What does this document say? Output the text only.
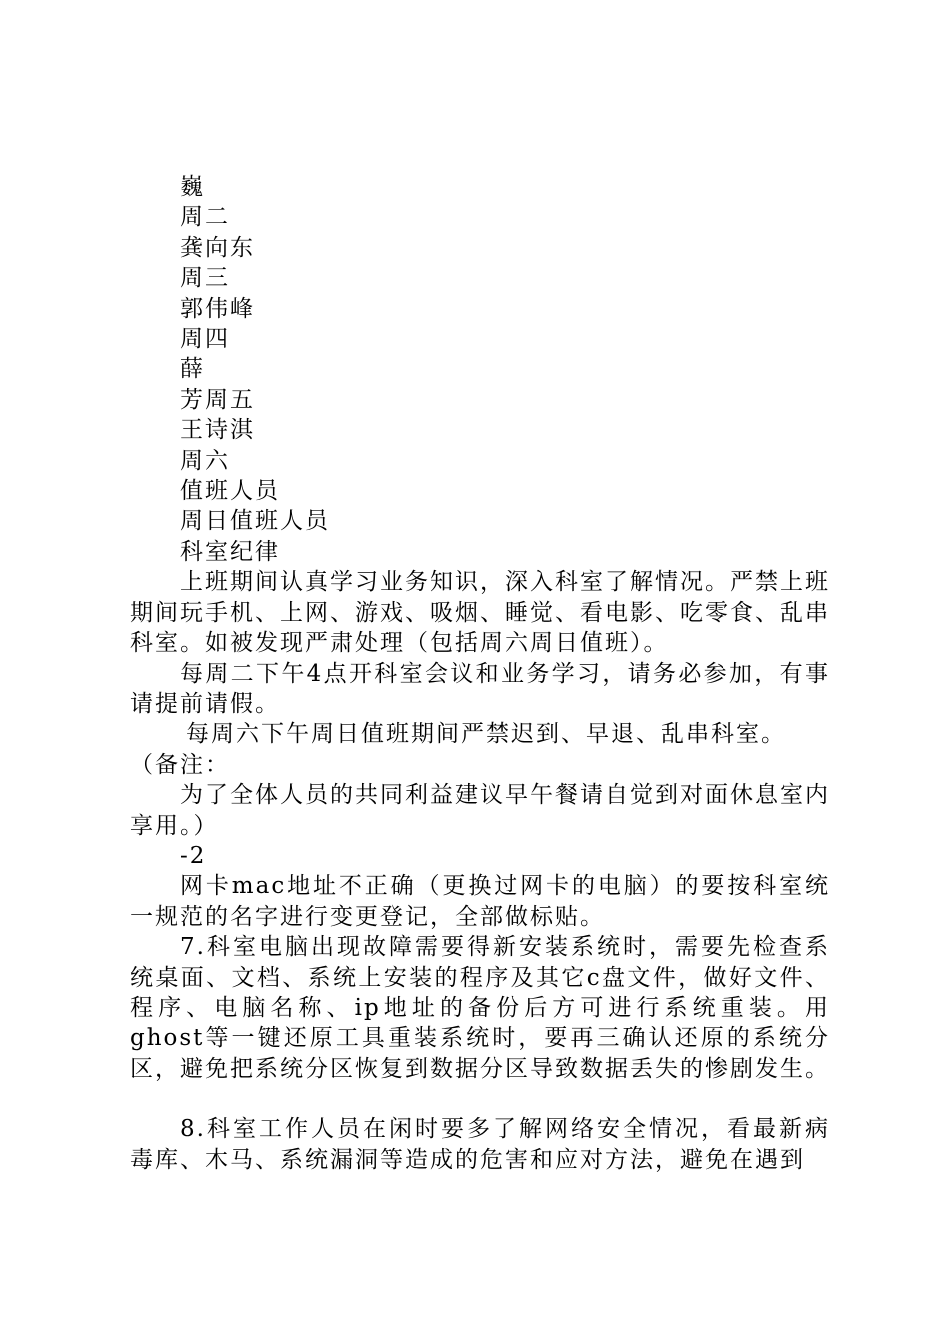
巍
周二
龚向东
周三
郭伟峰
周四
薛
芳周五
王诗淇
周六
值班人员
周日值班人员
科室纪律
上班期间认真学习业务知识，深入科室了解情况。严禁上班期间玩手机、上网、游戏、吸烟、睡觉、看电影、吃零食、乱串科室。如被发现严肃处理（包括周六周日值班）。
每周二下午4点开科室会议和业务学习，请务必参加，有事请提前请假。
每周六下午周日值班期间严禁迟到、早退、乱串科室。
（备注：
为了全体人员的共同利益建议早午餐请自觉到对面休息室内享用。）
-2
网卡mac地址不正确（更换过网卡的电脑）的要按科室统一规范的名字进行变更登记，全部做标贴。
7.科室电脑出现故障需要得新安装系统时，需要先检查系统桌面、文档、系统上安装的程序及其它c盘文件，做好文件、程序、电脑名称、ip地址的备份后方可进行系统重装。用ghost等一键还原工具重装系统时，要再三确认还原的系统分区，避免把系统分区恢复到数据分区导致数据丢失的惨剧发生。
8.科室工作人员在闲时要多了解网络安全情况，看最新病毒库、木马、系统漏洞等造成的危害和应对方法，避免在遇到
